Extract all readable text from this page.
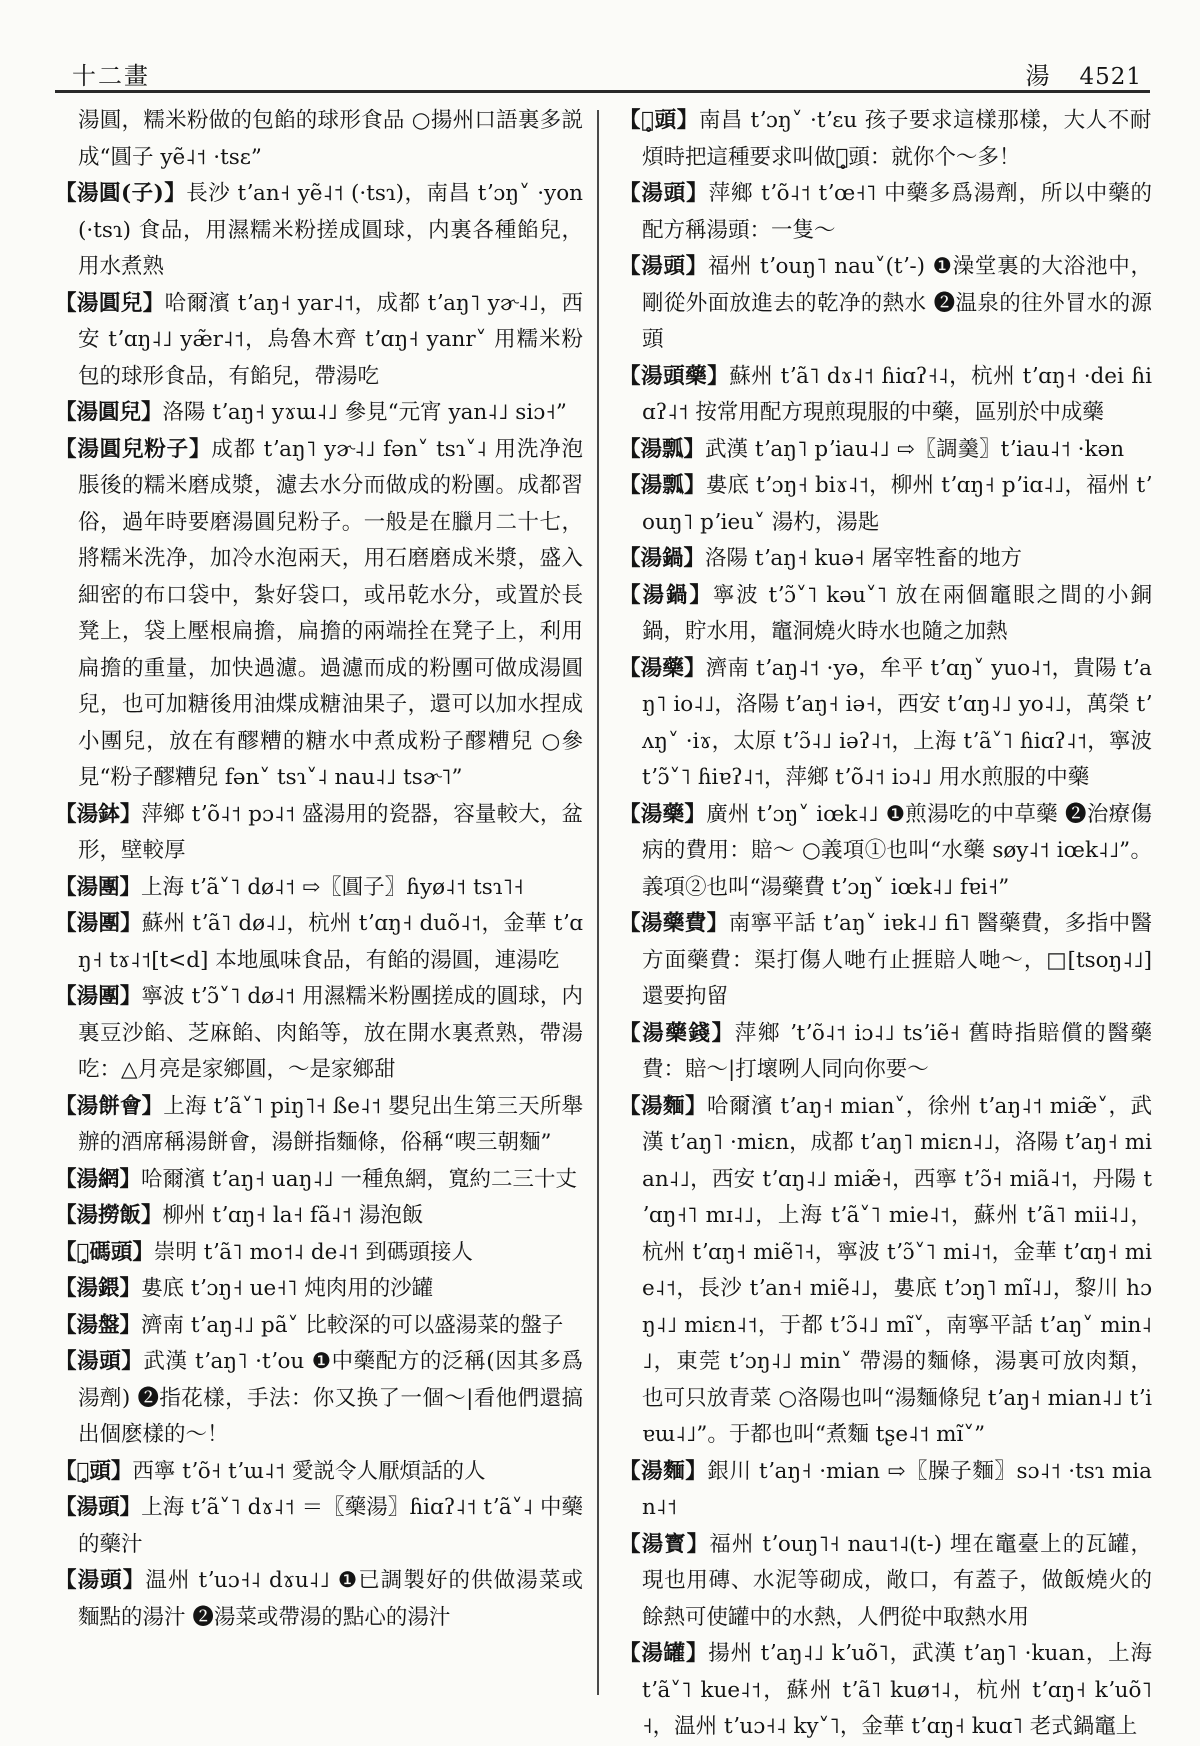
十二畫	湯 4521

湯圓，糯米粉做的包餡的球形食品 ○揚州口語裏多説成“圓子 yẽ˨˦ ·tsɛ”

【湯圓(子)】長沙 tʼan˧ yẽ˨˦ (·tsɿ)，南昌 tʼɔŋ˅ ·yon (·tsɿ) 食品，用濕糯米粉搓成圓球，内裏各種餡兒，用水煮熟

【湯圓兒】哈爾濱 tʼaŋ˧ yar˨˦，成都 tʼaŋ˥ yɚ˨˩，西安 tʼɑŋ˨˩ yæ̃r˨˦，烏魯木齊 tʼɑŋ˧ yanr˅ 用糯米粉包的球形食品，有餡兒，帶湯吃

【湯圓兒】洛陽 tʼaŋ˧ yɤɯ˨˩ 參見“元宵 yan˨˩ siɔ˧”

【湯圓兒粉子】成都 tʼaŋ˥ yɚ˨˩ fən˅ tsɿ˅˨ 用洗净泡脹後的糯米磨成漿，濾去水分而做成的粉團。成都習俗，過年時要磨湯圓兒粉子。一般是在臘月二十七，將糯米洗净，加冷水泡兩天，用石磨磨成米漿，盛入細密的布口袋中，紮好袋口，或吊乾水分，或置於長凳上，袋上壓根扁擔，扁擔的兩端拴在凳子上，利用扁擔的重量，加快過濾。過濾而成的粉團可做成湯圓兒，也可加糖後用油煠成糖油果子，還可以加水捏成小團兒，放在有醪糟的糖水中煮成粉子醪糟兒 ○參見“粉子醪糟兒 fən˅ tsɿ˅˨ nau˨˩ tsɚ˥”

【湯鉢】萍鄉 tʼõ˨˦ pɔ˨˦ 盛湯用的瓷器，容量較大，盆形，壁較厚

【湯團】上海 tʼã˅˥ dø˨˦ ⇨〖圓子〗ɦyø˨˦ tsɿ˥˧

【湯團】蘇州 tʼã˥ dø˨˩，杭州 tʼɑŋ˧ duõ˨˦，金華 tʼɑŋ˧ tɤ˨˦[t<d] 本地風味食品，有餡的湯圓，連湯吃

【湯團】寧波 tʼɔ̃˅˥ dø˨˦ 用濕糯米粉團搓成的圓球，内裏豆沙餡、芝麻餡、肉餡等，放在開水裏煮熟，帶湯吃：△月亮是家鄉圓，～是家鄉甜

【湯餅會】上海 tʼã˅˥ piŋ˥˧ ße˨˦ 嬰兒出生第三天所舉辦的酒席稱湯餅會，湯餅指麵條，俗稱“喫三朝麵”

【湯網】哈爾濱 tʼaŋ˧ uaŋ˨˩ 一種魚網，寬約二三十丈

【湯撈飯】柳州 tʼɑŋ˧ la˧ fã˨˦ 湯泡飯

【湯̥碼頭】崇明 tʼã˥ mo˦˨ de˨˦ 到碼頭接人

【湯鍡】婁底 tʼɔŋ˧ ue˧˥ 炖肉用的沙罐

【湯盤】濟南 tʼaŋ˨˩ pã˅ 比較深的可以盛湯菜的盤子

【湯頭】武漢 tʼaŋ˥ ·tʼou ❶中藥配方的泛稱(因其多爲湯劑) ❷指花樣，手法：你又换了一個～|看他們還搞出個麽樣的～！

【湯̥頭】西寧 tʼõ˧ tʼɯ˨˦ 愛説令人厭煩話的人

【湯頭】上海 tʼã˅˥ dɤ˨˦ ＝〖藥湯〗ɦiɑʔ˨˦ tʼã˅˨ 中藥的藥汁

【湯頭】温州 tʼuɔ˧˨ dɤu˨˩ ❶已調製好的供做湯菜或麵點的湯汁 ❷湯菜或帶湯的點心的湯汁

【湯̥頭】南昌 tʼɔŋ˅ ·tʼɛu 孩子要求這樣那樣，大人不耐煩時把這種要求叫做湯̥頭：就你个～多！

【湯頭】萍鄉 tʼõ˨˦ tʼœ˧˥ 中藥多爲湯劑，所以中藥的配方稱湯頭：一隻～

【湯頭】福州 tʼouŋ˥ nau˅(tʼ-) ❶澡堂裏的大浴池中，剛從外面放進去的乾净的熱水 ❷温泉的往外冒水的源頭

【湯頭藥】蘇州 tʼã˥ dɤ˨˦ ɦiɑʔ˧˨，杭州 tʼɑŋ˧ ·dei ɦiɑʔ˨˦ 按常用配方現煎現服的中藥，區别於中成藥

【湯瓢】武漢 tʼaŋ˥ pʼiau˨˩ ⇨〖調羹〗tʼiau˨˦ ·kən

【湯瓢】婁底 tʼɔŋ˧ biɤ˨˦，柳州 tʼɑŋ˧ pʼiɑ˨˩，福州 tʼouŋ˥ pʼieu˅ 湯杓，湯匙

【湯鍋】洛陽 tʼaŋ˧ kuə˧ 屠宰牲畜的地方

【湯鍋】寧波 tʼɔ̃˅˥ kəu˅˥ 放在兩個竈眼之間的小銅鍋，貯水用，竈洞燒火時水也隨之加熱

【湯藥】濟南 tʼaŋ˨˦ ·yə，牟平 tʼɑŋ˅ yuo˨˦，貴陽 tʼaŋ˥ io˨˩，洛陽 tʼaŋ˧ iə˧，西安 tʼɑŋ˨˩ yo˨˩，萬榮 tʼʌŋ˅ ·iɤ，太原 tʼɔ̃˨˩ iəʔ˨˦，上海 tʼã˅˥ ɦiɑʔ˨˦，寧波 tʼɔ̃˅˥ ɦiɐʔ˨˦，萍鄉 tʼõ˨˦ iɔ˨˩ 用水煎服的中藥

【湯藥】廣州 tʼɔŋ˅ iœk˨˩ ❶煎湯吃的中草藥 ❷治療傷病的費用：賠～ ○義項①也叫“水藥 søy˨˦ iœk˨˩”。義項②也叫“湯藥費 tʼɔŋ˅ iœk˨˩ fɐi˧”

【湯藥費】南寧平話 tʼaŋ˅ iɐk˨˩ fi˥ 醫藥費，多指中醫方面藥費：渠打傷人哋冇止捱賠人哋～，□[tsoŋ˨˩]還要拘留

【湯藥錢】萍鄉 ʼtʼõ˨˦ iɔ˨˩ tsʼiẽ˧ 舊時指賠償的醫藥費：賠～|打壞咧人同向你要～

【湯麵】哈爾濱 tʼaŋ˧ mian˅，徐州 tʼaŋ˨˦ miæ̃˅，武漢 tʼaŋ˥ ·miɛn，成都 tʼaŋ˥ miɛn˨˩，洛陽 tʼaŋ˧ mian˨˩，西安 tʼɑŋ˨˩ miæ̃˧，西寧 tʼɔ̃˧ miã˨˦，丹陽 tʼɑŋ˧˥ mɪ˨˩，上海 tʼã˅˥ mie˨˦，蘇州 tʼã˥ mii˨˩，杭州 tʼɑŋ˧ miẽ˥˧，寧波 tʼɔ̃˅˥ mi˨˦，金華 tʼɑŋ˧ mie˨˦，長沙 tʼan˧ miẽ˨˩，婁底 tʼɔŋ˥ mĩ˨˩，黎川 hɔŋ˨˩ miɛn˨˦，于都 tʼɔ̃˨˩ mĩ˅，南寧平話 tʼaŋ˅ min˨˩，東莞 tʼɔŋ˨˩ min˅ 帶湯的麵條，湯裏可放肉類，也可只放青菜 ○洛陽也叫“湯麵條兒 tʼaŋ˧ mian˨˩ tʼiɐɯ˨˩”。于都也叫“煮麵 tʂe˨˦ mĩ˅”

【湯麵】銀川 tʼaŋ˧ ·mian ⇨〖臊子麵〗sɔ˨˦ ·tsɿ mian˨˦

【湯寳】福州 tʼouŋ˥˧ nau˦˨(t-) 埋在竈臺上的瓦罐，現也用磚、水泥等砌成，敞口，有蓋子，做飯燒火的餘熱可使罐中的水熱，人們從中取熱水用

【湯罐】揚州 tʼaŋ˨˩ kʼuõ˥，武漢 tʼaŋ˥ ·kuan，上海 tʼã˅˥ kue˨˦，蘇州 tʼã˥ kuø˦˨，杭州 tʼɑŋ˧ kʼuõ˥˧，温州 tʼuɔ˧˨ ky˅˥，金華 tʼɑŋ˧ kuɑ˥ 老式鍋竈上
